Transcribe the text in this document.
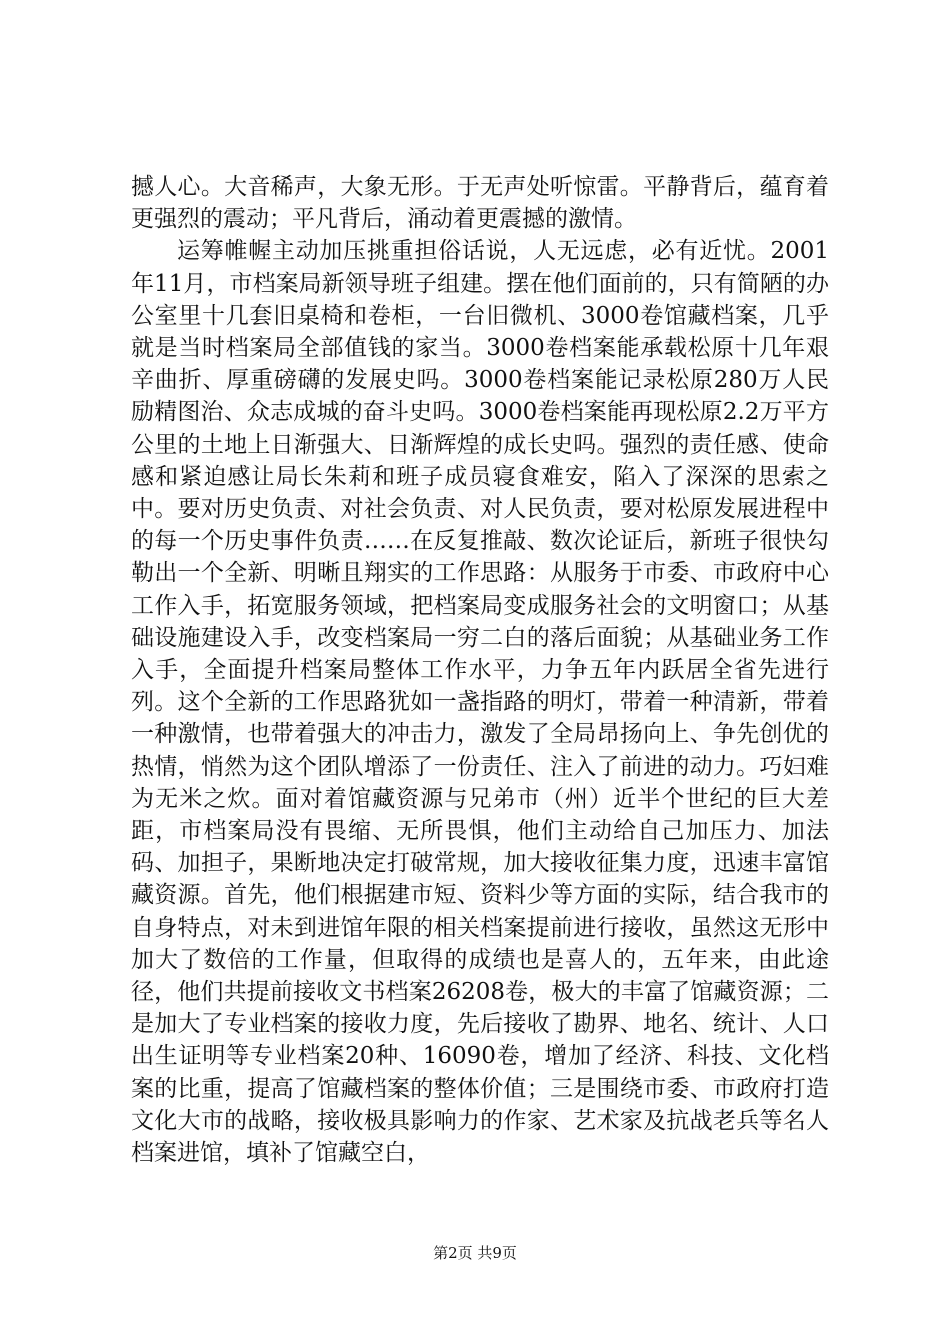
撼人心。大音稀声，大象无形。于无声处听惊雷。平静背后，蕴育着更强烈的震动；平凡背后，涌动着更震撼的激情。

运筹帷幄主动加压挑重担俗话说，人无远虑，必有近忧。2001年11月，市档案局新领导班子组建。摆在他们面前的，只有简陋的办公室里十几套旧桌椅和卷柜，一台旧微机、3000卷馆藏档案，几乎就是当时档案局全部值钱的家当。3000卷档案能承载松原十几年艰辛曲折、厚重磅礴的发展史吗。3000卷档案能记录松原280万人民励精图治、众志成城的奋斗史吗。3000卷档案能再现松原2.2万平方公里的土地上日渐强大、日渐辉煌的成长史吗。强烈的责任感、使命感和紧迫感让局长朱莉和班子成员寝食难安，陷入了深深的思索之中。要对历史负责、对社会负责、对人民负责，要对松原发展进程中的每一个历史事件负责……在反复推敲、数次论证后，新班子很快勾勒出一个全新、明晰且翔实的工作思路：从服务于市委、市政府中心工作入手，拓宽服务领域，把档案局变成服务社会的文明窗口；从基础设施建设入手，改变档案局一穷二白的落后面貌；从基础业务工作入手，全面提升档案局整体工作水平，力争五年内跃居全省先进行列。这个全新的工作思路犹如一盏指路的明灯，带着一种清新，带着一种激情，也带着强大的冲击力，激发了全局昂扬向上、争先创优的热情，悄然为这个团队增添了一份责任、注入了前进的动力。巧妇难为无米之炊。面对着馆藏资源与兄弟市（州）近半个世纪的巨大差距，市档案局没有畏缩、无所畏惧，他们主动给自己加压力、加法码、加担子，果断地决定打破常规，加大接收征集力度，迅速丰富馆藏资源。首先，他们根据建市短、资料少等方面的实际，结合我市的自身特点，对未到进馆年限的相关档案提前进行接收，虽然这无形中加大了数倍的工作量，但取得的成绩也是喜人的，五年来，由此途径，他们共提前接收文书档案26208卷，极大的丰富了馆藏资源；二是加大了专业档案的接收力度，先后接收了勘界、地名、统计、人口出生证明等专业档案20种、16090卷，增加了经济、科技、文化档案的比重，提高了馆藏档案的整体价值；三是围绕市委、市政府打造文化大市的战略，接收极具影响力的作家、艺术家及抗战老兵等名人档案进馆，填补了馆藏空白，

第2页 共9页
